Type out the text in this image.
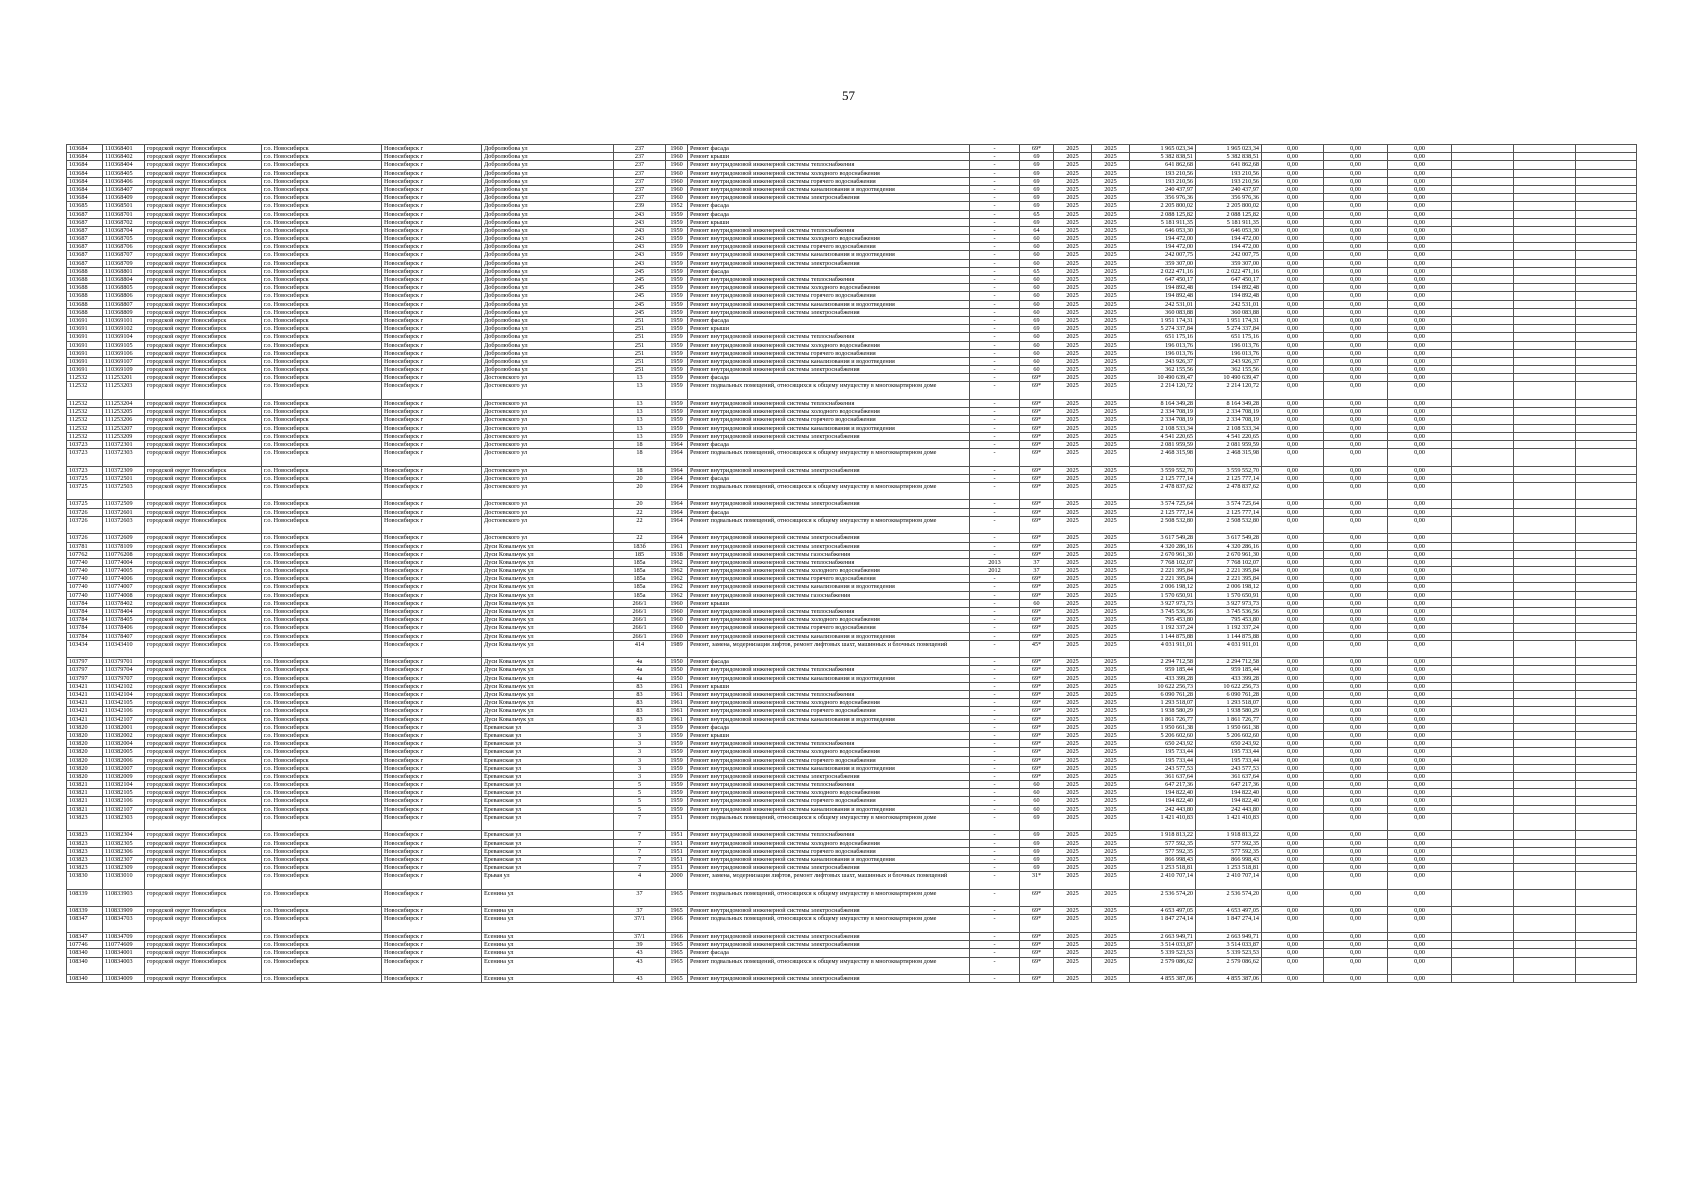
57
103684	110368401	городской округ Новосибирск	г.о. Новосибирск	Новосибирск г	Добролюбова ул	237	1960	Ремонт фасада	-	69*	2025	2025	1 965 023,34	1 965 023,34	0,00	0,00	0,00			
103684	110368402	городской округ Новосибирск	г.о. Новосибирск	Новосибирск г	Добролюбова ул	237	1960	Ремонт крыши	-	69	2025	2025	5 382 838,51	5 382 838,51	0,00	0,00	0,00			
103684	110368404	городской округ Новосибирск	г.о. Новосибирск	Новосибирск г	Добролюбова ул	237	1960	Ремонт внутридомовой инженерной системы теплоснабжения	-	69	2025	2025	641 862,68	641 862,68	0,00	0,00	0,00			
103684	110368405	городской округ Новосибирск	г.о. Новосибирск	Новосибирск г	Добролюбова ул	237	1960	Ремонт внутридомовой инженерной системы холодного водоснабжения	-	69	2025	2025	193 210,56	193 210,56	0,00	0,00	0,00			
103684	110368406	городской округ Новосибирск	г.о. Новосибирск	Новосибирск г	Добролюбова ул	237	1960	Ремонт внутридомовой инженерной системы горячего водоснабжения	-	69	2025	2025	193 210,56	193 210,56	0,00	0,00	0,00			
103684	110368407	городской округ Новосибирск	г.о. Новосибирск	Новосибирск г	Добролюбова ул	237	1960	Ремонт внутридомовой инженерной системы канализования и водоотведения	-	69	2025	2025	240 437,97	240 437,97	0,00	0,00	0,00			
103684	110368409	городской округ Новосибирск	г.о. Новосибирск	Новосибирск г	Добролюбова ул	237	1960	Ремонт внутридомовой инженерной системы электроснабжения	-	69	2025	2025	356 976,36	356 976,36	0,00	0,00	0,00			
103685	110368501	городской округ Новосибирск	г.о. Новосибирск	Новосибирск г	Добролюбова ул	239	1952	Ремонт фасада	-	69	2025	2025	2 205 800,02	2 205 800,02	0,00	0,00	0,00			
103687	110368701	городской округ Новосибирск	г.о. Новосибирск	Новосибирск г	Добролюбова ул	243	1959	Ремонт фасада	-	65	2025	2025	2 088 125,82	2 088 125,82	0,00	0,00	0,00			
103687	110368702	городской округ Новосибирск	г.о. Новосибирск	Новосибирск г	Добролюбова ул	243	1959	Ремонт крыши	-	69	2025	2025	5 181 911,35	5 181 911,35	0,00	0,00	0,00			
103687	110368704	городской округ Новосибирск	г.о. Новосибирск	Новосибирск г	Добролюбова ул	243	1959	Ремонт внутридомовой инженерной системы теплоснабжения	-	64	2025	2025	646 053,30	646 053,30	0,00	0,00	0,00			
103687	110368705	городской округ Новосибирск	г.о. Новосибирск	Новосибирск г	Добролюбова ул	243	1959	Ремонт внутридомовой инженерной системы холодного водоснабжения	-	60	2025	2025	194 472,00	194 472,00	0,00	0,00	0,00			
103687	110368706	городской округ Новосибирск	г.о. Новосибирск	Новосибирск г	Добролюбова ул	243	1959	Ремонт внутридомовой инженерной системы горячего водоснабжения	-	60	2025	2025	194 472,00	194 472,00	0,00	0,00	0,00			
103687	110368707	городской округ Новосибирск	г.о. Новосибирск	Новосибирск г	Добролюбова ул	243	1959	Ремонт внутридомовой инженерной системы канализования и водоотведения	-	60	2025	2025	242 007,75	242 007,75	0,00	0,00	0,00			
103687	110368709	городской округ Новосибирск	г.о. Новосибирск	Новосибирск г	Добролюбова ул	243	1959	Ремонт внутридомовой инженерной системы электроснабжения	-	60	2025	2025	359 307,00	359 307,00	0,00	0,00	0,00			
103688	110368801	городской округ Новосибирск	г.о. Новосибирск	Новосибирск г	Добролюбова ул	245	1959	Ремонт фасада	-	65	2025	2025	2 022 471,16	2 022 471,16	0,00	0,00	0,00			
103688	110368804	городской округ Новосибирск	г.о. Новосибирск	Новосибирск г	Добролюбова ул	245	1959	Ремонт внутридомовой инженерной системы теплоснабжения	-	60	2025	2025	647 450,17	647 450,17	0,00	0,00	0,00			
103688	110368805	городской округ Новосибирск	г.о. Новосибирск	Новосибирск г	Добролюбова ул	245	1959	Ремонт внутридомовой инженерной системы холодного водоснабжения	-	60	2025	2025	194 892,48	194 892,48	0,00	0,00	0,00			
103688	110368806	городской округ Новосибирск	г.о. Новосибирск	Новосибирск г	Добролюбова ул	245	1959	Ремонт внутридомовой инженерной системы горячего водоснабжения	-	60	2025	2025	194 892,48	194 892,48	0,00	0,00	0,00			
103688	110368807	городской округ Новосибирск	г.о. Новосибирск	Новосибирск г	Добролюбова ул	245	1959	Ремонт внутридомовой инженерной системы канализования и водоотведения	-	60	2025	2025	242 531,01	242 531,01	0,00	0,00	0,00			
103688	110368809	городской округ Новосибирск	г.о. Новосибирск	Новосибирск г	Добролюбова ул	245	1959	Ремонт внутридомовой инженерной системы электроснабжения	-	60	2025	2025	360 083,88	360 083,88	0,00	0,00	0,00			
103691	110369101	городской округ Новосибирск	г.о. Новосибирск	Новосибирск г	Добролюбова ул	251	1959	Ремонт фасада	-	69	2025	2025	1 951 174,31	1 951 174,31	0,00	0,00	0,00			
103691	110369102	городской округ Новосибирск	г.о. Новосибирск	Новосибирск г	Добролюбова ул	251	1959	Ремонт крыши	-	69	2025	2025	5 274 337,84	5 274 337,84	0,00	0,00	0,00			
103691	110369104	городской округ Новосибирск	г.о. Новосибирск	Новосибирск г	Добролюбова ул	251	1959	Ремонт внутридомовой инженерной системы теплоснабжения	-	60	2025	2025	651 175,16	651 175,16	0,00	0,00	0,00			
103691	110369105	городской округ Новосибирск	г.о. Новосибирск	Новосибирск г	Добролюбова ул	251	1959	Ремонт внутридомовой инженерной системы холодного водоснабжения	-	60	2025	2025	196 013,76	196 013,76	0,00	0,00	0,00			
103691	110369106	городской округ Новосибирск	г.о. Новосибирск	Новосибирск г	Добролюбова ул	251	1959	Ремонт внутридомовой инженерной системы горячего водоснабжения	-	60	2025	2025	196 013,76	196 013,76	0,00	0,00	0,00			
103691	110369107	городской округ Новосибирск	г.о. Новосибирск	Новосибирск г	Добролюбова ул	251	1959	Ремонт внутридомовой инженерной системы канализования и водоотведения	-	60	2025	2025	243 926,37	243 926,37	0,00	0,00	0,00			
103691	110369109	городской округ Новосибирск	г.о. Новосибирск	Новосибирск г	Добролюбова ул	251	1959	Ремонт внутридомовой инженерной системы электроснабжения	-	60	2025	2025	362 155,56	362 155,56	0,00	0,00	0,00			
112532	111253201	городской округ Новосибирск	г.о. Новосибирск	Новосибирск г	Достоевского ул	13	1959	Ремонт фасада	-	69*	2025	2025	10 490 639,47	10 490 639,47	0,00	0,00	0,00			
112532	111253203	городской округ Новосибирск	г.о. Новосибирск	Новосибирск г	Достоевского ул	13	1959	Ремонт подвальных помещений, относящихся к общему имуществу в многоквартирном доме	-	69*	2025	2025	2 214 120,72	2 214 120,72	0,00	0,00	0,00			
112532	111253204	городской округ Новосибирск	г.о. Новосибирск	Новосибирск г	Достоевского ул	13	1959	Ремонт внутридомовой инженерной системы теплоснабжения	-	69*	2025	2025	8 164 349,28	8 164 349,28	0,00	0,00	0,00			
112532	111253205	городской округ Новосибирск	г.о. Новосибирск	Новосибирск г	Достоевского ул	13	1959	Ремонт внутридомовой инженерной системы холодного водоснабжения	-	69*	2025	2025	2 334 708,19	2 334 708,19	0,00	0,00	0,00			
112532	111253206	городской округ Новосибирск	г.о. Новосибирск	Новосибирск г	Достоевского ул	13	1959	Ремонт внутридомовой инженерной системы горячего водоснабжения	-	69*	2025	2025	2 334 708,19	2 334 708,19	0,00	0,00	0,00			
112532	111253207	городской округ Новосибирск	г.о. Новосибирск	Новосибирск г	Достоевского ул	13	1959	Ремонт внутридомовой инженерной системы канализования и водоотведения	-	69*	2025	2025	2 108 533,34	2 108 533,34	0,00	0,00	0,00			
112532	111253209	городской округ Новосибирск	г.о. Новосибирск	Новосибирск г	Достоевского ул	13	1959	Ремонт внутридомовой инженерной системы электроснабжения	-	69*	2025	2025	4 541 220,65	4 541 220,65	0,00	0,00	0,00			
103723	110372301	городской округ Новосибирск	г.о. Новосибирск	Новосибирск г	Достоевского ул	18	1964	Ремонт фасада	-	69*	2025	2025	2 081 959,59	2 081 959,59	0,00	0,00	0,00			
103723	110372303	городской округ Новосибирск	г.о. Новосибирск	Новосибирск г	Достоевского ул	18	1964	Ремонт подвальных помещений, относящихся к общему имуществу в многоквартирном доме	-	69*	2025	2025	2 468 315,98	2 468 315,98	0,00	0,00	0,00			
103723	110372309	городской округ Новосибирск	г.о. Новосибирск	Новосибирск г	Достоевского ул	18	1964	Ремонт внутридомовой инженерной системы электроснабжения	-	69*	2025	2025	3 559 552,70	3 559 552,70	0,00	0,00	0,00			
103725	110372501	городской округ Новосибирск	г.о. Новосибирск	Новосибирск г	Достоевского ул	20	1964	Ремонт фасада	-	69*	2025	2025	2 125 777,14	2 125 777,14	0,00	0,00	0,00			
103725	110372503	городской округ Новосибирск	г.о. Новосибирск	Новосибирск г	Достоевского ул	20	1964	Ремонт подвальных помещений, относящихся к общему имуществу в многоквартирном доме	-	69*	2025	2025	2 478 837,62	2 478 837,62	0,00	0,00	0,00			
103725	110372509	городской округ Новосибирск	г.о. Новосибирск	Новосибирск г	Достоевского ул	20	1964	Ремонт внутридомовой инженерной системы электроснабжения	-	69*	2025	2025	3 574 725,64	3 574 725,64	0,00	0,00	0,00			
103726	110372601	городской округ Новосибирск	г.о. Новосибирск	Новосибирск г	Достоевского ул	22	1964	Ремонт фасада	-	69*	2025	2025	2 125 777,14	2 125 777,14	0,00	0,00	0,00			
103726	110372603	городской округ Новосибирск	г.о. Новосибирск	Новосибирск г	Достоевского ул	22	1964	Ремонт подвальных помещений, относящихся к общему имуществу в многоквартирном доме	-	69*	2025	2025	2 508 532,80	2 508 532,80	0,00	0,00	0,00			
103726	110372609	городской округ Новосибирск	г.о. Новосибирск	Новосибирск г	Достоевского ул	22	1964	Ремонт внутридомовой инженерной системы электроснабжения	-	69*	2025	2025	3 617 549,28	3 617 549,28	0,00	0,00	0,00			
103781	110378109	городской округ Новосибирск	г.о. Новосибирск	Новосибирск г	Дуси Ковальчук ул	183б	1961	Ремонт внутридомовой инженерной системы электроснабжения	-	69*	2025	2025	4 320 286,16	4 320 286,16	0,00	0,00	0,00			
107762	110776208	городской округ Новосибирск	г.о. Новосибирск	Новосибирск г	Дуси Ковальчук ул	185	1938	Ремонт внутридомовой инженерной системы газоснабжения	-	69*	2025	2025	2 670 961,30	2 670 961,30	0,00	0,00	0,00			
107740	110774004	городской округ Новосибирск	г.о. Новосибирск	Новосибирск г	Дуси Ковальчук ул	185а	1962	Ремонт внутридомовой инженерной системы теплоснабжения	2013	37	2025	2025	7 768 102,07	7 768 102,07	0,00	0,00	0,00			
107740	110774005	городской округ Новосибирск	г.о. Новосибирск	Новосибирск г	Дуси Ковальчук ул	185а	1962	Ремонт внутридомовой инженерной системы холодного водоснабжения	2012	37	2025	2025	2 221 395,84	2 221 395,84	0,00	0,00	0,00			
107740	110774006	городской округ Новосибирск	г.о. Новосибирск	Новосибирск г	Дуси Ковальчук ул	185а	1962	Ремонт внутридомовой инженерной системы горячего водоснабжения	-	69*	2025	2025	2 221 395,84	2 221 395,84	0,00	0,00	0,00			
107740	110774007	городской округ Новосибирск	г.о. Новосибирск	Новосибирск г	Дуси Ковальчук ул	185а	1962	Ремонт внутридомовой инженерной системы канализования и водоотведения	-	69*	2025	2025	2 006 198,12	2 006 198,12	0,00	0,00	0,00			
107740	110774008	городской округ Новосибирск	г.о. Новосибирск	Новосибирск г	Дуси Ковальчук ул	185а	1962	Ремонт внутридомовой инженерной системы газоснабжения	-	69*	2025	2025	1 570 650,91	1 570 650,91	0,00	0,00	0,00			
103784	110378402	городской округ Новосибирск	г.о. Новосибирск	Новосибирск г	Дуси Ковальчук ул	266/1	1960	Ремонт крыши	-	60	2025	2025	3 927 973,73	3 927 973,73	0,00	0,00	0,00			
103784	110378404	городской округ Новосибирск	г.о. Новосибирск	Новосибирск г	Дуси Ковальчук ул	266/1	1960	Ремонт внутридомовой инженерной системы теплоснабжения	-	69*	2025	2025	3 745 536,56	3 745 536,56	0,00	0,00	0,00			
103784	110378405	городской округ Новосибирск	г.о. Новосибирск	Новосибирск г	Дуси Ковальчук ул	266/1	1960	Ремонт внутридомовой инженерной системы холодного водоснабжения	-	69*	2025	2025	795 453,80	795 453,80	0,00	0,00	0,00			
103784	110378406	городской округ Новосибирск	г.о. Новосибирск	Новосибирск г	Дуси Ковальчук ул	266/1	1960	Ремонт внутридомовой инженерной системы горячего водоснабжения	-	69*	2025	2025	1 192 337,24	1 192 337,24	0,00	0,00	0,00			
103784	110378407	городской округ Новосибирск	г.о. Новосибирск	Новосибирск г	Дуси Ковальчук ул	266/1	1960	Ремонт внутридомовой инженерной системы канализования и водоотведения	-	69*	2025	2025	1 144 875,88	1 144 875,88	0,00	0,00	0,00			
103434	110343410	городской округ Новосибирск	г.о. Новосибирск	Новосибирск г	Дуси Ковальчук ул	414	1989	Ремонт, замена, модернизация лифтов, ремонт лифтовых шахт, машинных и блочных помещений	-	45*	2025	2025	4 031 911,01	4 031 911,01	0,00	0,00	0,00			
103797	110379701	городской округ Новосибирск	г.о. Новосибирск	Новосибирск г	Дуси Ковальчук ул	4а	1950	Ремонт фасада	-	69*	2025	2025	2 294 712,58	2 294 712,58	0,00	0,00	0,00			
103797	110379704	городской округ Новосибирск	г.о. Новосибирск	Новосибирск г	Дуси Ковальчук ул	4а	1950	Ремонт внутридомовой инженерной системы теплоснабжения	-	69*	2025	2025	959 185,44	959 185,44	0,00	0,00	0,00			
103797	110379707	городской округ Новосибирск	г.о. Новосибирск	Новосибирск г	Дуси Ковальчук ул	4а	1950	Ремонт внутридомовой инженерной системы канализования и водоотведения	-	69*	2025	2025	433 399,28	433 399,28	0,00	0,00	0,00			
103421	110342102	городской округ Новосибирск	г.о. Новосибирск	Новосибирск г	Дуси Ковальчук ул	83	1961	Ремонт крыши	-	69*	2025	2025	10 622 256,73	10 622 256,73	0,00	0,00	0,00			
103421	110342104	городской округ Новосибирск	г.о. Новосибирск	Новосибирск г	Дуси Ковальчук ул	83	1961	Ремонт внутридомовой инженерной системы теплоснабжения	-	69*	2025	2025	6 090 761,28	6 090 761,28	0,00	0,00	0,00			
103421	110342105	городской округ Новосибирск	г.о. Новосибирск	Новосибирск г	Дуси Ковальчук ул	83	1961	Ремонт внутридомовой инженерной системы холодного водоснабжения	-	69*	2025	2025	1 293 518,07	1 293 518,07	0,00	0,00	0,00			
103421	110342106	городской округ Новосибирск	г.о. Новосибирск	Новосибирск г	Дуси Ковальчук ул	83	1961	Ремонт внутридомовой инженерной системы горячего водоснабжения	-	69*	2025	2025	1 938 580,29	1 938 580,29	0,00	0,00	0,00			
103421	110342107	городской округ Новосибирск	г.о. Новосибирск	Новосибирск г	Дуси Ковальчук ул	83	1961	Ремонт внутридомовой инженерной системы канализования и водоотведения	-	69*	2025	2025	1 861 726,77	1 861 726,77	0,00	0,00	0,00			
103820	110382001	городской округ Новосибирск	г.о. Новосибирск	Новосибирск г	Ереванская ул	3	1959	Ремонт фасада	-	69*	2025	2025	1 950 661,38	1 950 661,38	0,00	0,00	0,00			
103820	110382002	городской округ Новосибирск	г.о. Новосибирск	Новосибирск г	Ереванская ул	3	1959	Ремонт крыши	-	69*	2025	2025	5 206 602,60	5 206 602,60	0,00	0,00	0,00			
103820	110382004	городской округ Новосибирск	г.о. Новосибирск	Новосибирск г	Ереванская ул	3	1959	Ремонт внутридомовой инженерной системы теплоснабжения	-	69*	2025	2025	650 243,92	650 243,92	0,00	0,00	0,00			
103820	110382005	городской округ Новосибирск	г.о. Новосибирск	Новосибирск г	Ереванская ул	3	1959	Ремонт внутридомовой инженерной системы холодного водоснабжения	-	69*	2025	2025	195 733,44	195 733,44	0,00	0,00	0,00			
103820	110382006	городской округ Новосибирск	г.о. Новосибирск	Новосибирск г	Ереванская ул	3	1959	Ремонт внутридомовой инженерной системы горячего водоснабжения	-	69*	2025	2025	195 733,44	195 733,44	0,00	0,00	0,00			
103820	110382007	городской округ Новосибирск	г.о. Новосибирск	Новосибирск г	Ереванская ул	3	1959	Ремонт внутридомовой инженерной системы канализования и водоотведения	-	69*	2025	2025	243 577,53	243 577,53	0,00	0,00	0,00			
103820	110382009	городской округ Новосибирск	г.о. Новосибирск	Новосибирск г	Ереванская ул	3	1959	Ремонт внутридомовой инженерной системы электроснабжения	-	69*	2025	2025	361 637,64	361 637,64	0,00	0,00	0,00			
103821	110382104	городской округ Новосибирск	г.о. Новосибирск	Новосибирск г	Ереванская ул	5	1959	Ремонт внутридомовой инженерной системы теплоснабжения	-	60	2025	2025	647 217,36	647 217,36	0,00	0,00	0,00			
103821	110382105	городской округ Новосибирск	г.о. Новосибирск	Новосибирск г	Ереванская ул	5	1959	Ремонт внутридомовой инженерной системы холодного водоснабжения	-	60	2025	2025	194 822,40	194 822,40	0,00	0,00	0,00			
103821	110382106	городской округ Новосибирск	г.о. Новосибирск	Новосибирск г	Ереванская ул	5	1959	Ремонт внутридомовой инженерной системы горячего водоснабжения	-	60	2025	2025	194 822,40	194 822,40	0,00	0,00	0,00			
103821	110382107	городской округ Новосибирск	г.о. Новосибирск	Новосибирск г	Ереванская ул	5	1959	Ремонт внутридомовой инженерной системы канализования и водоотведения	-	60	2025	2025	242 443,80	242 443,80	0,00	0,00	0,00			
103823	110382303	городской округ Новосибирск	г.о. Новосибирск	Новосибирск г	Ереванская ул	7	1951	Ремонт подвальных помещений, относящихся к общему имуществу в многоквартирном доме	-	69	2025	2025	1 421 410,83	1 421 410,83	0,00	0,00	0,00			
103823	110382304	городской округ Новосибирск	г.о. Новосибирск	Новосибирск г	Ереванская ул	7	1951	Ремонт внутридомовой инженерной системы теплоснабжения	-	69	2025	2025	1 918 813,22	1 918 813,22	0,00	0,00	0,00			
103823	110382305	городской округ Новосибирск	г.о. Новосибирск	Новосибирск г	Ереванская ул	7	1951	Ремонт внутридомовой инженерной системы холодного водоснабжения	-	69	2025	2025	577 592,35	577 592,35	0,00	0,00	0,00			
103823	110382306	городской округ Новосибирск	г.о. Новосибирск	Новосибирск г	Ереванская ул	7	1951	Ремонт внутридомовой инженерной системы горячего водоснабжения	-	69	2025	2025	577 592,35	577 592,35	0,00	0,00	0,00			
103823	110382307	городской округ Новосибирск	г.о. Новосибирск	Новосибирск г	Ереванская ул	7	1951	Ремонт внутридомовой инженерной системы канализования и водоотведения	-	69	2025	2025	866 998,43	866 998,43	0,00	0,00	0,00			
103823	110382309	городской округ Новосибирск	г.о. Новосибирск	Новосибирск г	Ереванская ул	7	1951	Ремонт внутридомовой инженерной системы электроснабжения	-	69	2025	2025	1 253 518,81	1 253 518,81	0,00	0,00	0,00			
103830	110383010	городской округ Новосибирск	г.о. Новосибирск	Новосибирск г	Ерьвая ул	4	2000	Ремонт, замена, модернизация лифтов, ремонт лифтовых шахт, машинных и блочных помещений	-	31*	2025	2025	2 410 707,14	2 410 707,14	0,00	0,00	0,00			
108339	110833903	городской округ Новосибирск	г.о. Новосибирск	Новосибирск г	Есенина ул	37	1965	Ремонт подвальных помещений, относящихся к общему имуществу в многоквартирном доме	-	69*	2025	2025	2 536 574,20	2 536 574,20	0,00	0,00	0,00			
108339	110833909	городской округ Новосибирск	г.о. Новосибирск	Новосибирск г	Есенина ул	37	1965	Ремонт внутридомовой инженерной системы электроснабжения	-	69*	2025	2025	4 653 497,05	4 653 497,05	0,00	0,00	0,00			
108347	110834703	городской округ Новосибирск	г.о. Новосибирск	Новосибирск г	Есенина ул	37/1	1966	Ремонт подвальных помещений, относящихся к общему имуществу в многоквартирном доме	-	69*	2025	2025	1 847 274,14	1 847 274,14	0,00	0,00	0,00			
108347	110834709	городской округ Новосибирск	г.о. Новосибирск	Новосибирск г	Есенина ул	37/1	1966	Ремонт внутридомовой инженерной системы электроснабжения	-	69*	2025	2025	2 663 949,71	2 663 949,71	0,00	0,00	0,00			
107746	110774609	городской округ Новосибирск	г.о. Новосибирск	Новосибирск г	Есенина ул	39	1965	Ремонт внутридомовой инженерной системы электроснабжения	-	69*	2025	2025	3 514 033,87	3 514 033,87	0,00	0,00	0,00			
108340	110834001	городской округ Новосибирск	г.о. Новосибирск	Новосибирск г	Есенина ул	43	1965	Ремонт фасада	-	69*	2025	2025	5 339 523,53	5 339 523,53	0,00	0,00	0,00			
108340	110834003	городской округ Новосибирск	г.о. Новосибирск	Новосибирск г	Есенина ул	43	1965	Ремонт подвальных помещений, относящихся к общему имуществу в многоквартирном доме	-	69*	2025	2025	2 579 086,62	2 579 086,62	0,00	0,00	0,00			
108340	110834009	городской округ Новосибирск	г.о. Новосибирск	Новосибирск г	Есенина ул	43	1965	Ремонт внутридомовой инженерной системы электроснабжения	-	69*	2025	2025	4 855 387,06	4 855 387,06	0,00	0,00	0,00			
